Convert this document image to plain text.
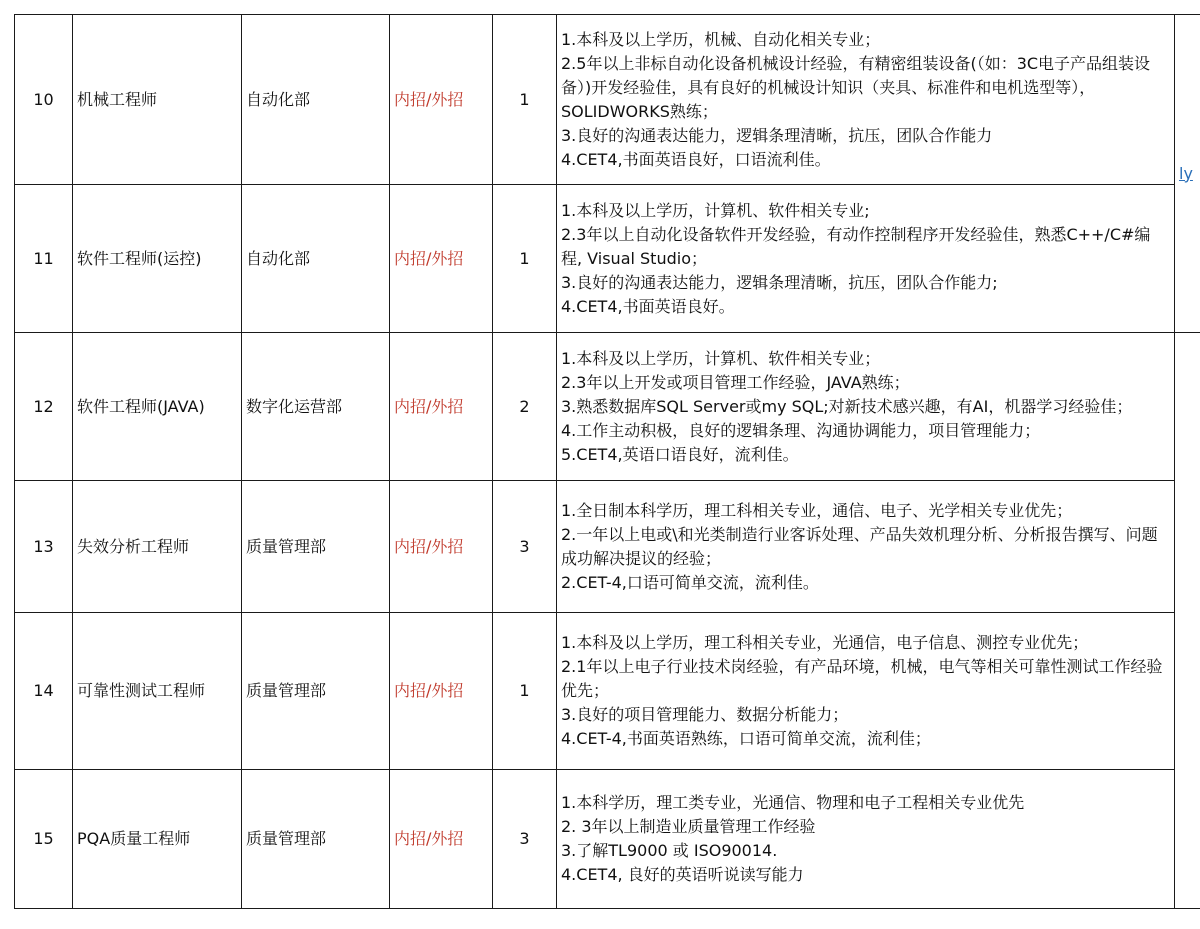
10	机械工程师	自动化部	内招/外招	1	1.本科及以上学历，机械、自动化相关专业；
2.5年以上非标自动化设备机械设计经验，有精密组装设备(（如：3C电子产品组装设备）)开发经验佳，具有良好的机械设计知识（夹具、标准件和电机选型等），SOLIDWORKS熟练；
3.良好的沟通表达能力，逻辑条理清晰，抗压，团队合作能力
4.CET4,书面英语良好，口语流利佳。	ly
11	软件工程师(运控)	自动化部	内招/外招	1	1.本科及以上学历，计算机、软件相关专业;
2.3年以上自动化设备软件开发经验，有动作控制程序开发经验佳，熟悉C++/C#编程, Visual Studio；
3.良好的沟通表达能力，逻辑条理清晰，抗压，团队合作能力;
4.CET4,书面英语良好。	

12	软件工程师(JAVA)	数字化运营部	内招/外招	2	1.本科及以上学历，计算机、软件相关专业；
2.3年以上开发或项目管理工作经验，JAVA熟练；
3.熟悉数据库SQL Server或my SQL;对新技术感兴趣，有AI，机器学习经验佳；
4.工作主动积极，良好的逻辑条理、沟通协调能力，项目管理能力；
5.CET4,英语口语良好，流利佳。	

13	失效分析工程师	质量管理部	内招/外招	3	1.全日制本科学历，理工科相关专业，通信、电子、光学相关专业优先；
2.一年以上电或\和光类制造行业客诉处理、产品失效机理分析、分析报告撰写、问题成功解决提议的经验；
2.CET-4,口语可简单交流，流利佳。	

14	可靠性测试工程师	质量管理部	内招/外招	1	1.本科及以上学历，理工科相关专业，光通信，电子信息、测控专业优先；
2.1年以上电子行业技术岗经验，有产品环境，机械，电气等相关可靠性测试工作经验优先；
3.良好的项目管理能力、数据分析能力；
4.CET-4,书面英语熟练，口语可简单交流，流利佳；	

15	PQA质量工程师	质量管理部	内招/外招	3	1.本科学历，理工类专业，光通信、物理和电子工程相关专业优先
2. 3年以上制造业质量管理工作经验
3.了解TL9000 或 ISO90014.
4.CET4, 良好的英语听说读写能力	
